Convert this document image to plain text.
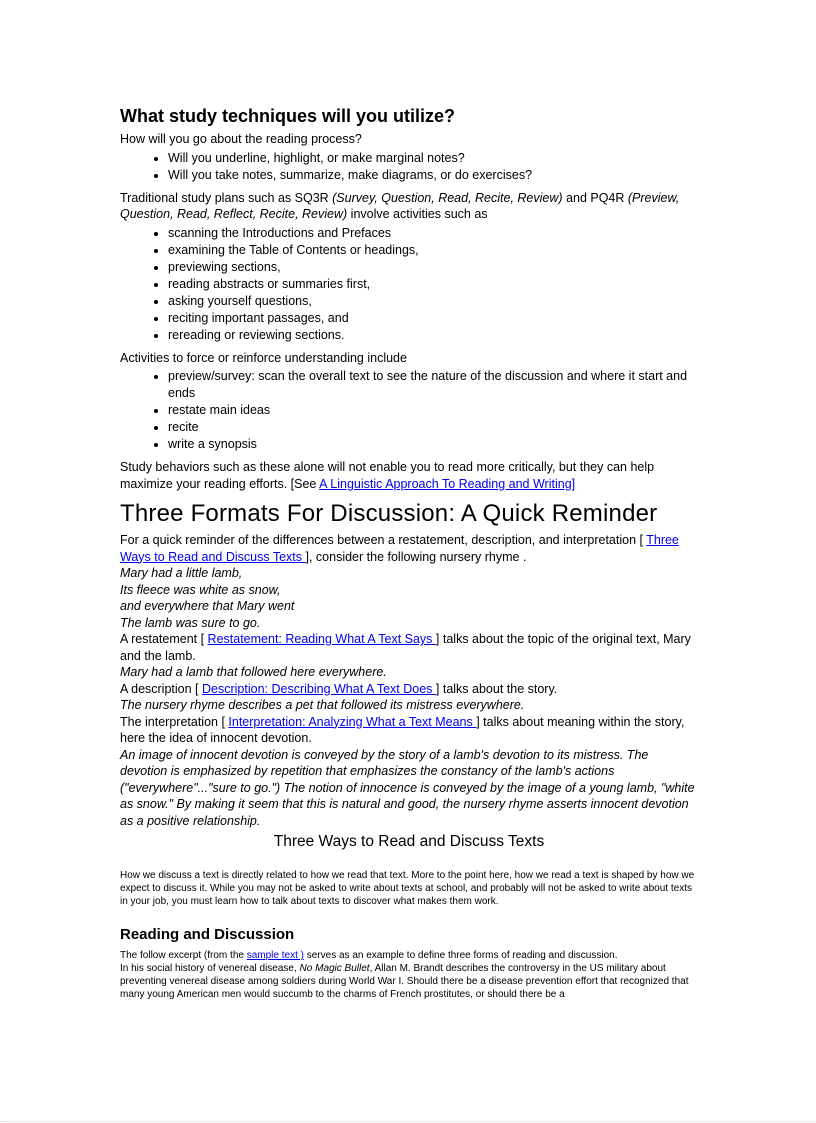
What study techniques will you utilize?

How will you go about the reading process?

• Will you underline, highlight, or make marginal notes?
• Will you take notes, summarize, make diagrams, or do exercises?

Traditional study plans such as SQ3R (Survey, Question, Read, Recite, Review) and PQ4R (Preview, Question, Read, Reflect, Recite, Review) involve activities such as

• scanning the Introductions and Prefaces
• examining the Table of Contents or headings,
• previewing sections,
• reading abstracts or summaries first,
• asking yourself questions,
• reciting important passages, and
• rereading or reviewing sections.

Activities to force or reinforce understanding include

• preview/survey: scan the overall text to see the nature of the discussion and where it start and ends
• restate main ideas
• recite
• write a synopsis

Study behaviors such as these alone will not enable you to read more critically, but they can help maximize your reading efforts. [See A Linguistic Approach To Reading and Writing]

Three Formats For Discussion: A Quick Reminder

For a quick reminder of the differences between a restatement, description, and interpretation [ Three Ways to Read and Discuss Texts ], consider the following nursery rhyme .

Mary had a little lamb,

Its fleece was white as snow,

and everywhere that Mary went

The lamb was sure to go.

A restatement [ Restatement: Reading What A Text Says ] talks about the topic of the original text, Mary and the lamb.

Mary had a lamb that followed here everywhere.

A description [ Description: Describing What A Text Does ] talks about the story.

The nursery rhyme describes a pet that followed its mistress everywhere.

The interpretation [ Interpretation: Analyzing What a Text Means ] talks about meaning within the story, here the idea of innocent devotion.

An image of innocent devotion is conveyed by the story of a lamb's devotion to its mistress. The devotion is emphasized by repetition that emphasizes the constancy of the lamb's actions ("everywhere"..."sure to go.") The notion of innocence is conveyed by the image of a young lamb, "white as snow." By making it seem that this is natural and good, the nursery rhyme asserts innocent devotion as a positive relationship.

Three Ways to Read and Discuss Texts

How we discuss a text is directly related to how we read that text. More to the point here, how we read a text is shaped by how we expect to discuss it. While you may not be asked to write about texts at school, and probably will not be asked to write about texts in your job, you must learn how to talk about texts to discover what makes them work.

Reading and Discussion

The follow excerpt (from the sample text ) serves as an example to define three forms of reading and discussion.

In his social history of venereal disease, No Magic Bullet, Allan M. Brandt describes the controversy in the US military about preventing venereal disease among soldiers during World War I. Should there be a disease prevention effort that recognized that many young American men would succumb to the charms of French prostitutes, or should there be a
